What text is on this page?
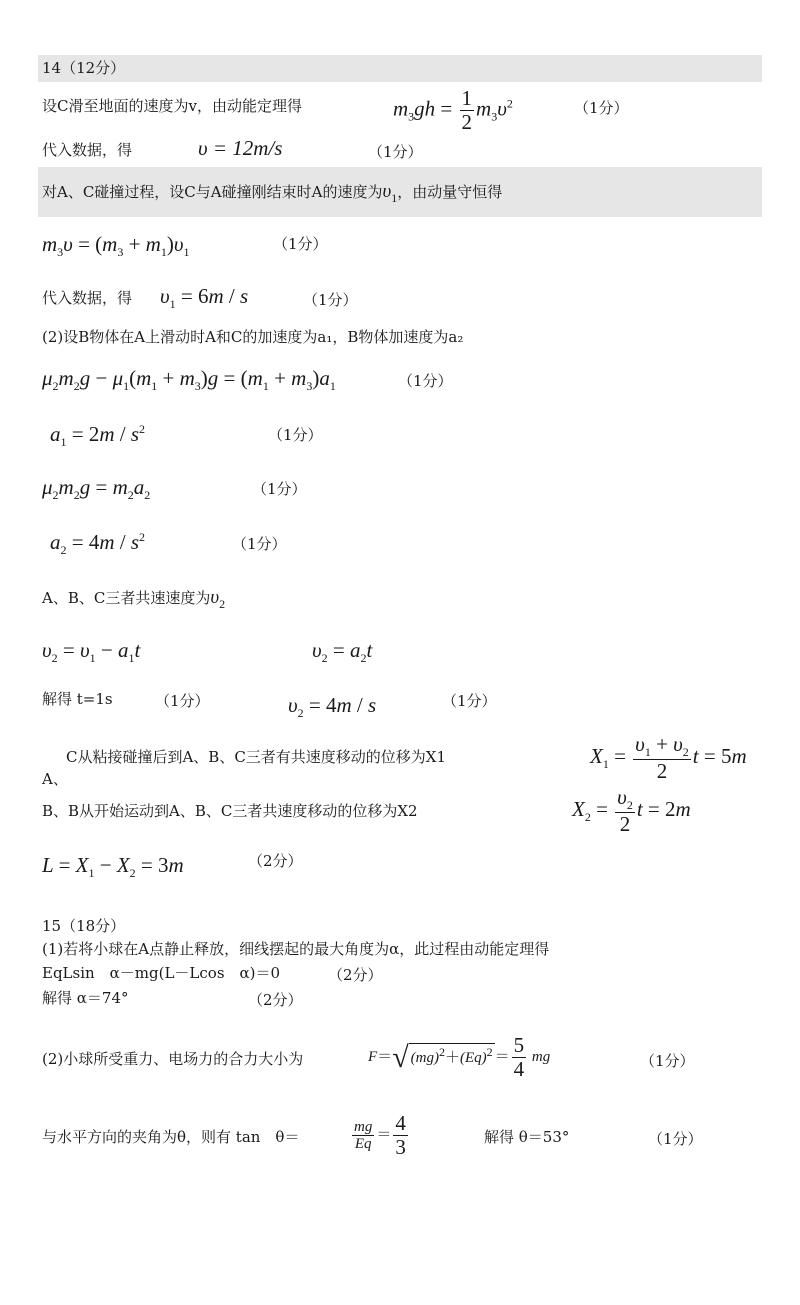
14（12分）
设C滑至地面的速度为v，由动能定理得	$m_3gh = \frac{1}{2} m_3\upsilon^2$	（1分）
代入数据，得	υ = 12m/s	（1分）
对A、C碰撞过程，设C与A碰撞刚结束时A的速度为$\upsilon_1$，由动量守恒得
$m_3\upsilon = (m_3 + m_1)\upsilon_1$	（1分）
代入数据，得 $\upsilon_1 = 6m / s$	（1分）
(2)设B物体在A上滑动时A和C的加速度为a₁，B物体加速度为a₂
$\mu_2m_2g - \mu_1(m_1 + m_3)g = (m_1 + m_3)a_1$	（1分）
$a_1 = 2m / s^2$	（1分）
$\mu_2m_2g = m_2a_2$	（1分）
$a_2 = 4m / s^2$	（1分）
A、B、C三者共速速度为$\upsilon_2$
$\upsilon_2 = \upsilon_1 - a_1t$	$\upsilon_2 = a_2t$
解得 t=1s	（1分）	$\upsilon_2 = 4m / s$	（1分）
C从粘接碰撞后到A、B、C三者有共速度移动的位移为X1
A、
$X_1 = \frac{\upsilon_1 + \upsilon_2}{2}$ t = 5m
B、B从开始运动到A、B、C三者共速度移动的位移为X2	$X_2 = \frac{\upsilon_2}{2}$ t = 2m
$L = X_1 - X_2 = 3m$	（2分）
15（18分）
(1)若将小球在A点静止释放，细线摆起的最大角度为α，此过程由动能定理得
EqLsin　α－mg(L－Lcos　α)＝0	（2分）
解得 α＝74°	（2分）
(2)小球所受重力、电场力的合力大小为	F＝ √ $(mg)^2+(Eq)^2 = \frac{5}{4}$ mg	（1分）
与水平方向的夹角为θ，则有 tan　θ＝	$\frac{mg}{Eq} = \frac{4}{3}$	解得 θ＝53°	（1分）
